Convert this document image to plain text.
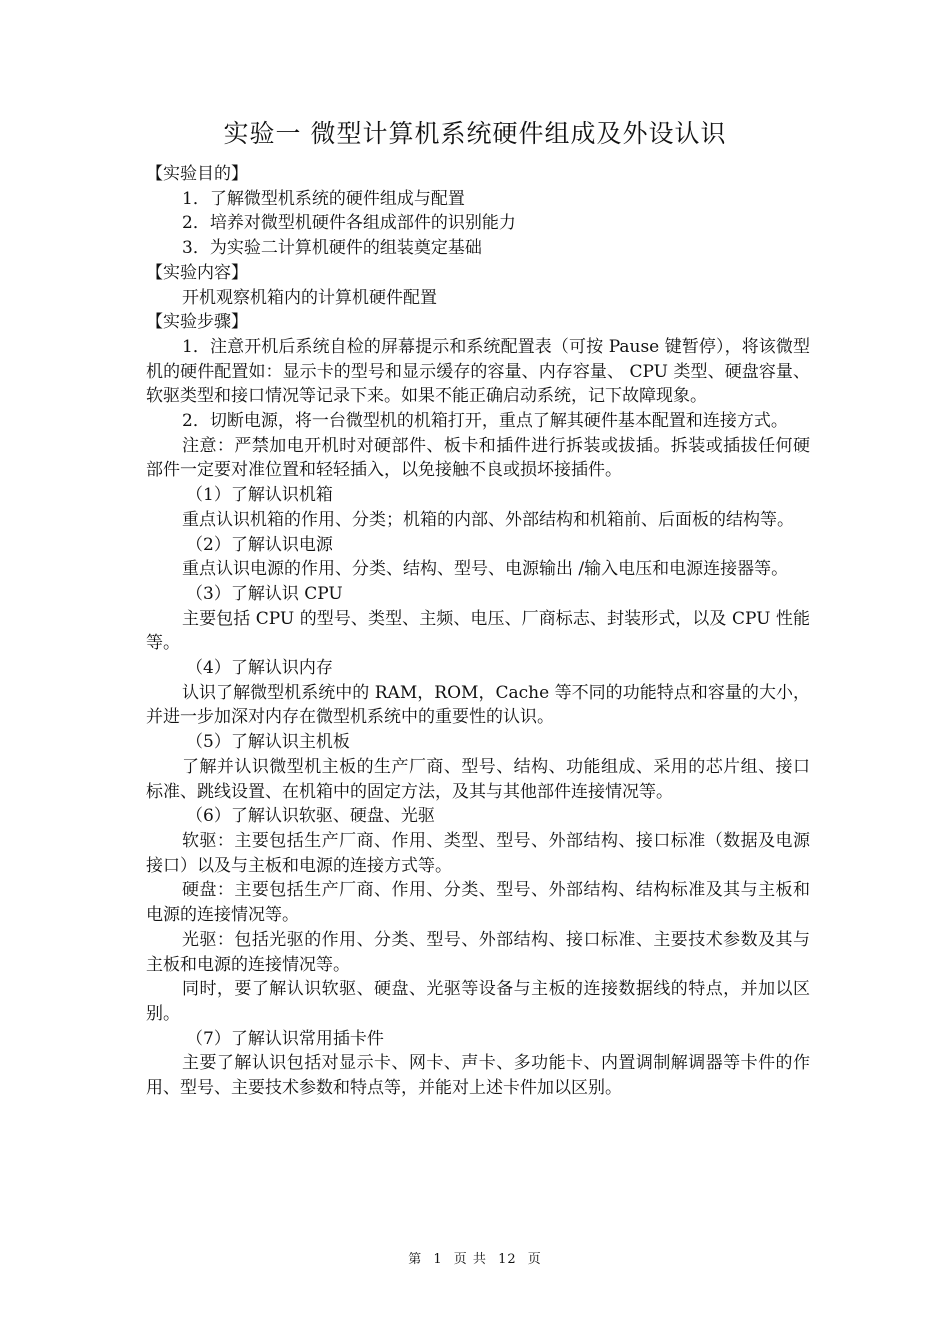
实验一 微型计算机系统硬件组成及外设认识

【实验目的】

1．了解微型机系统的硬件组成与配置

2．培养对微型机硬件各组成部件的识别能力

3．为实验二计算机硬件的组装奠定基础

【实验内容】

开机观察机箱内的计算机硬件配置

【实验步骤】

1．注意开机后系统自检的屏幕提示和系统配置表（可按 Pause 键暂停），将该微型机的硬件配置如：显示卡的型号和显示缓存的容量、内存容量、 CPU 类型、硬盘容量、软驱类型和接口情况等记录下来。如果不能正确启动系统，记下故障现象。

2．切断电源，将一台微型机的机箱打开，重点了解其硬件基本配置和连接方式。

注意：严禁加电开机时对硬部件、板卡和插件进行拆装或拔插。拆装或插拔任何硬部件一定要对准位置和轻轻插入，以免接触不良或损坏接插件。

（1）了解认识机箱

重点认识机箱的作用、分类；机箱的内部、外部结构和机箱前、后面板的结构等。

（2）了解认识电源

重点认识电源的作用、分类、结构、型号、电源输出 /输入电压和电源连接器等。

（3）了解认识 CPU

主要包括 CPU 的型号、类型、主频、电压、厂商标志、封装形式，以及 CPU 性能等。

（4）了解认识内存

认识了解微型机系统中的 RAM，ROM，Cache 等不同的功能特点和容量的大小，并进一步加深对内存在微型机系统中的重要性的认识。

（5）了解认识主机板

了解并认识微型机主板的生产厂商、型号、结构、功能组成、采用的芯片组、接口标准、跳线设置、在机箱中的固定方法，及其与其他部件连接情况等。

（6）了解认识软驱、硬盘、光驱

软驱：主要包括生产厂商、作用、类型、型号、外部结构、接口标准（数据及电源接口）以及与主板和电源的连接方式等。

硬盘：主要包括生产厂商、作用、分类、型号、外部结构、结构标准及其与主板和电源的连接情况等。

光驱：包括光驱的作用、分类、型号、外部结构、接口标准、主要技术参数及其与主板和电源的连接情况等。

同时，要了解认识软驱、硬盘、光驱等设备与主板的连接数据线的特点，并加以区别。

（7）了解认识常用插卡件

主要了解认识包括对显示卡、网卡、声卡、多功能卡、内置调制解调器等卡件的作用、型号、主要技术参数和特点等，并能对上述卡件加以区别。

第 1 页 共 12 页
